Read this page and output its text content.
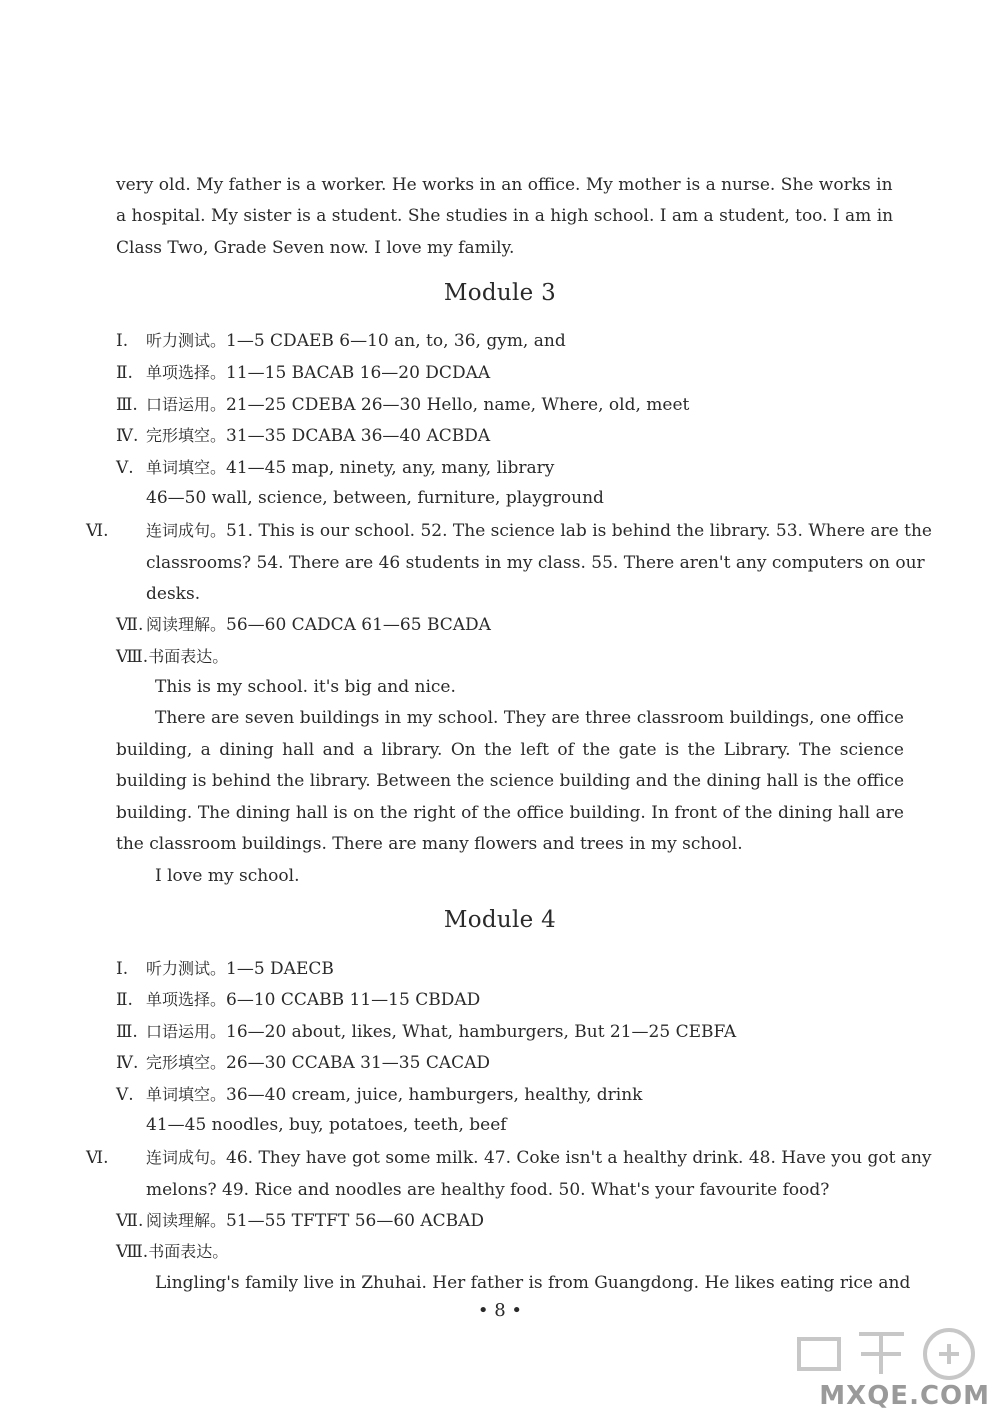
very old. My father is a worker. He works in an office. My mother is a nurse. She works in
a hospital. My sister is a student. She studies in a high school. I am a student, too. I am in
Class Two, Grade Seven now. I love my family.
Module 3
Ⅰ. 听力测试。1—5 CDAEB 6—10 an, to, 36, gym, and
Ⅱ. 单项选择。11—15 BACAB 16—20 DCDAA
Ⅲ. 口语运用。21—25 CDEBA 26—30 Hello, name, Where, old, meet
Ⅳ. 完形填空。31—35 DCABA 36—40 ACBDA
Ⅴ. 单词填空。41—45 map, ninety, any, many, library
46—50 wall, science, between, furniture, playground
Ⅵ. 连词成句。51. This is our school. 52. The science lab is behind the library. 53. Where are the classrooms? 54. There are 46 students in my class. 55. There aren't any computers on our desks.
Ⅶ. 阅读理解。56—60 CADCA 61—65 BCADA
Ⅷ.书面表达。
This is my school. it's big and nice.
There are seven buildings in my school. They are three classroom buildings, one office building, a dining hall and a library. On the left of the gate is the Library. The science building is behind the library. Between the science building and the dining hall is the office building. The dining hall is on the right of the office building. In front of the dining hall are the classroom buildings. There are many flowers and trees in my school.
I love my school.
Module 4
Ⅰ. 听力测试。1—5 DAECB
Ⅱ. 单项选择。6—10 CCABB 11—15 CBDAD
Ⅲ. 口语运用。16—20 about, likes, What, hamburgers, But 21—25 CEBFA
Ⅳ. 完形填空。26—30 CCABA 31—35 CACAD
Ⅴ. 单词填空。36—40 cream, juice, hamburgers, healthy, drink
41—45 noodles, buy, potatoes, teeth, beef
Ⅵ. 连词成句。46. They have got some milk. 47. Coke isn't a healthy drink. 48. Have you got any melons? 49. Rice and noodles are healthy food. 50. What's your favourite food?
Ⅶ. 阅读理解。51—55 TFTFT 56—60 ACBAD
Ⅷ.书面表达。
Lingling's family live in Zhuhai. Her father is from Guangdong. He likes eating rice and
• 8 •
MXQE.COM
